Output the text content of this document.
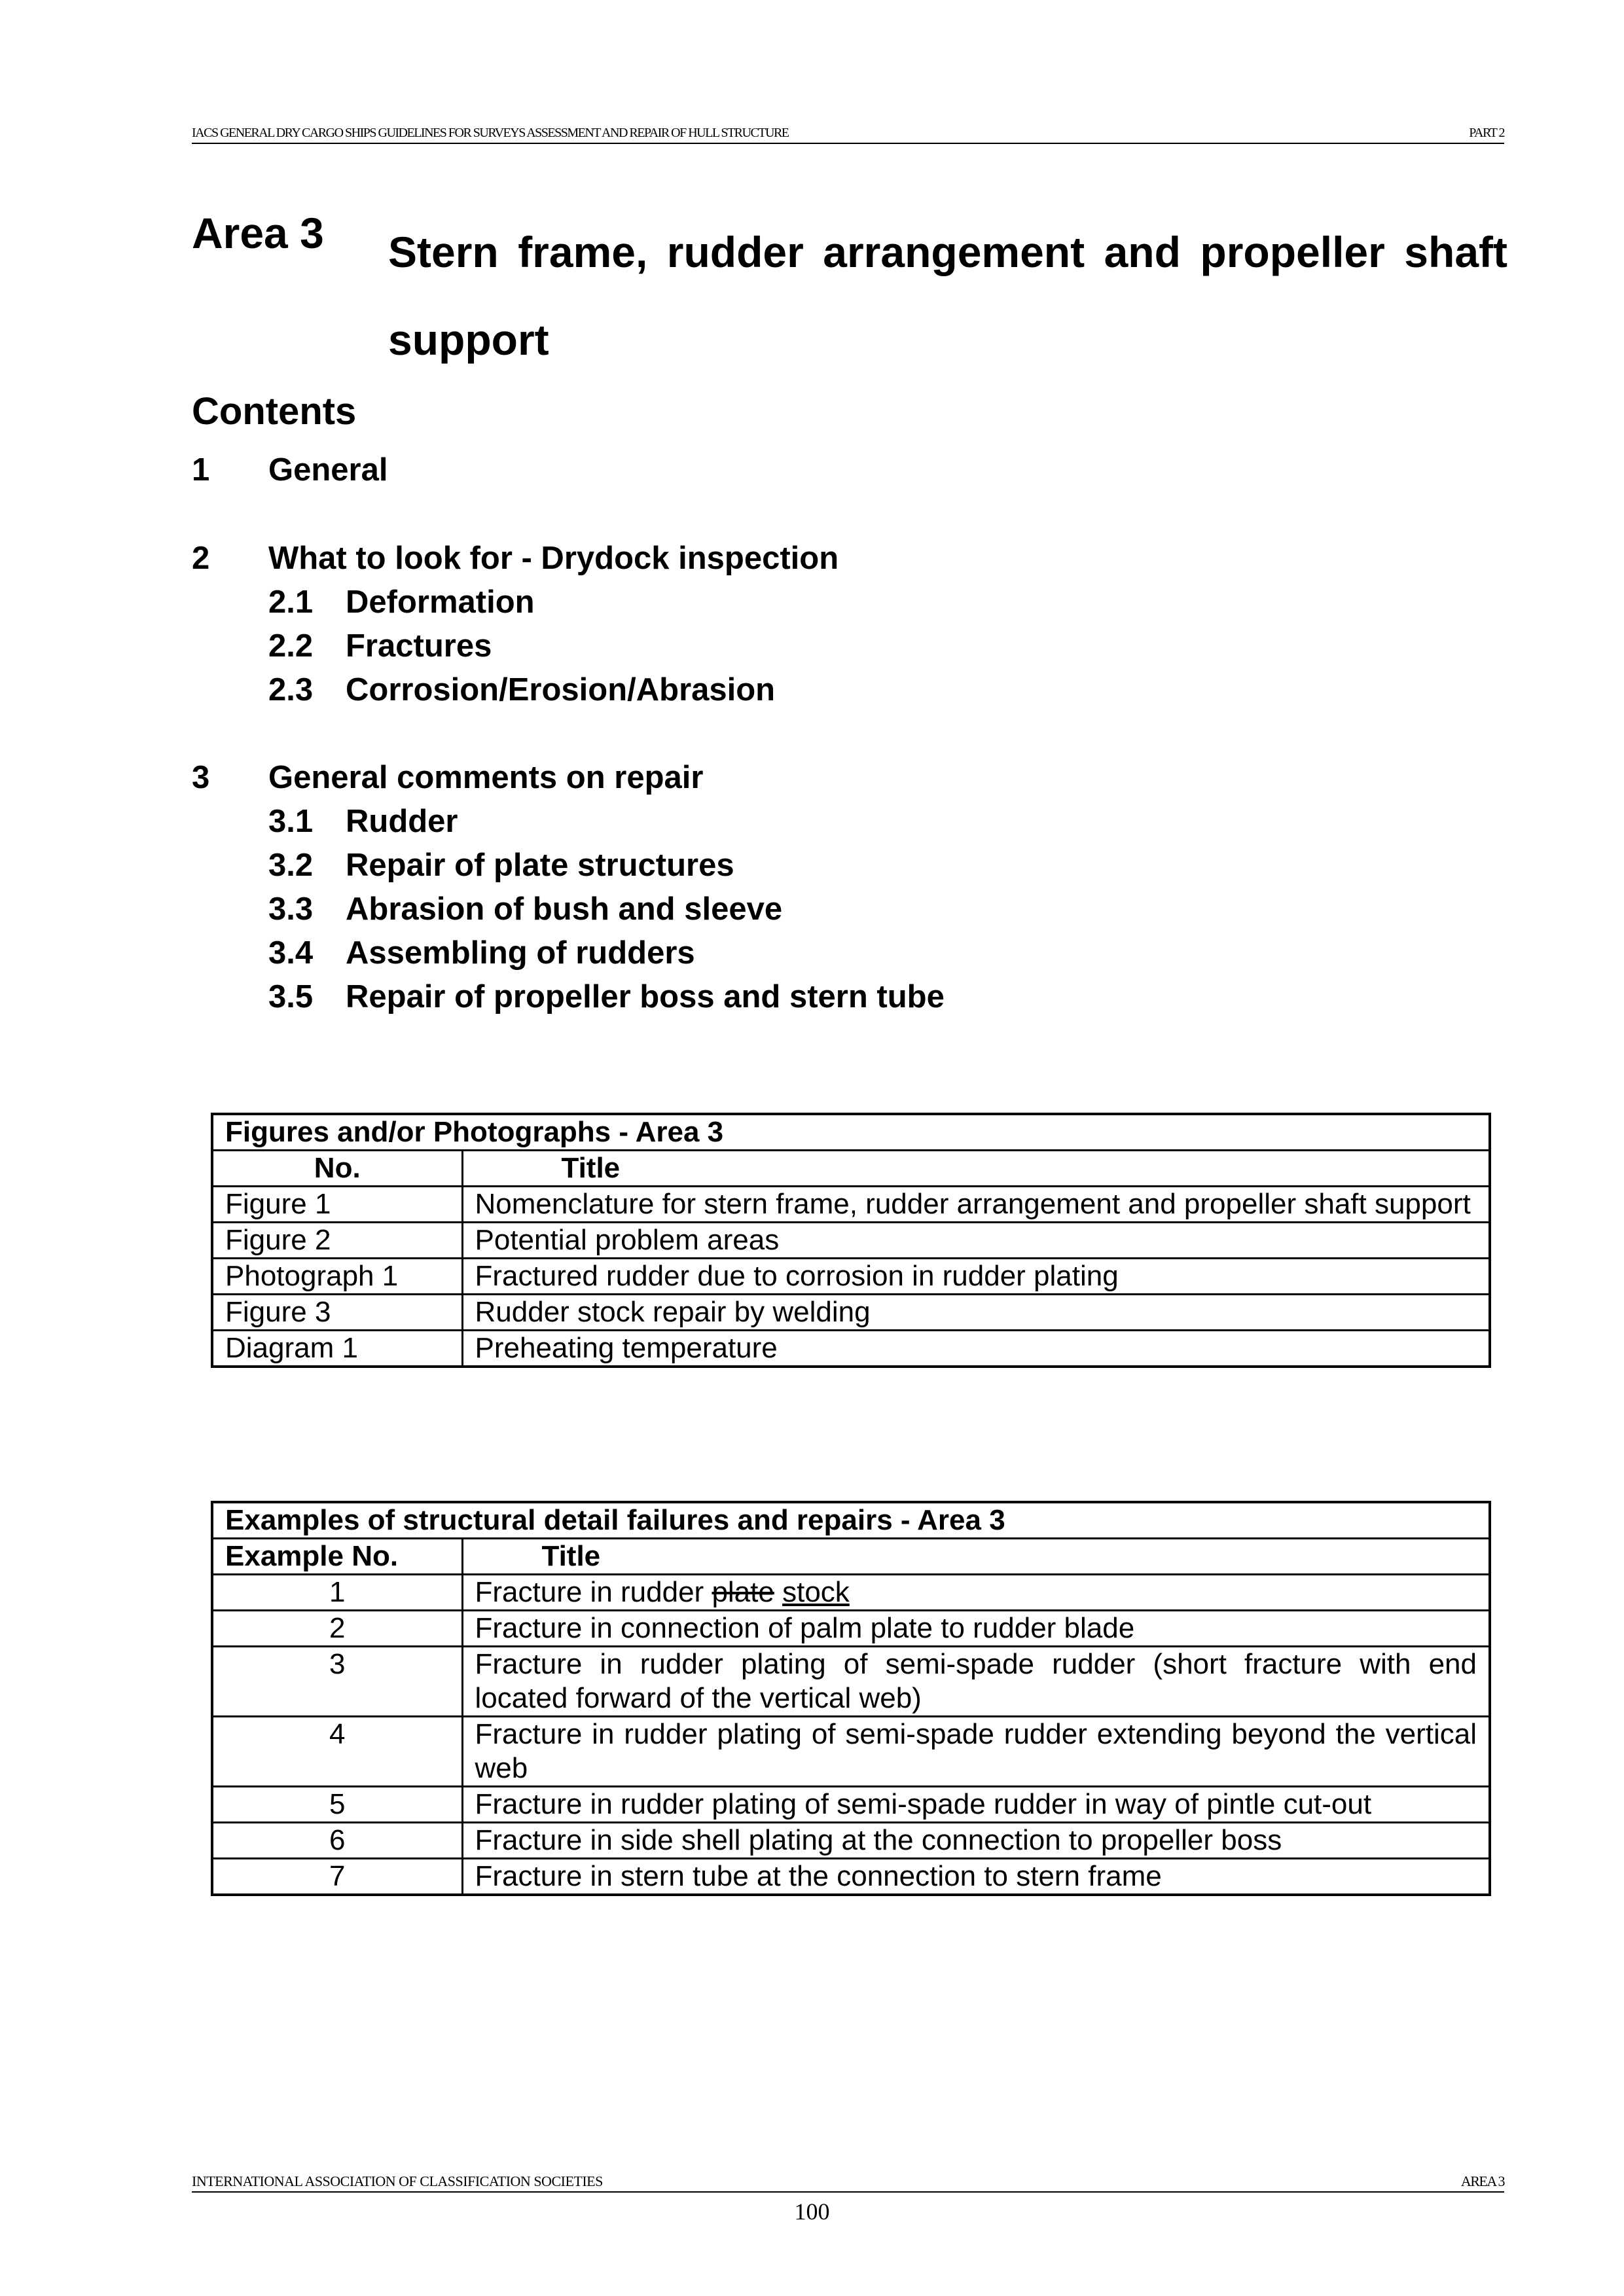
IACS GENERAL DRY CARGO SHIPS GUIDELINES FOR SURVEYS ASSESSMENT AND REPAIR OF HULL STRUCTURE	PART 2
Area 3 Stern frame, rudder arrangement and propeller shaft support
Contents
1 General
2 What to look for - Drydock inspection
2.1 Deformation
2.2 Fractures
2.3 Corrosion/Erosion/Abrasion
3 General comments on repair
3.1 Rudder
3.2 Repair of plate structures
3.3 Abrasion of bush and sleeve
3.4 Assembling of rudders
3.5 Repair of propeller boss and stern tube
Figures and/or Photographs - Area 3	
No.	Title
Figure 1	Nomenclature for stern frame, rudder arrangement and propeller shaft support
Figure 2	Potential problem areas
Photograph 1	Fractured rudder due to corrosion in rudder plating
Figure 3	Rudder stock repair by welding
Diagram 1	Preheating temperature
Examples of structural detail failures and repairs - Area 3	
Example No.	Title
1	Fracture in rudder plate stock
2	Fracture in connection of palm plate to rudder blade
3	Fracture in rudder plating of semi-spade rudder (short fracture with end located forward of the vertical web)
4	Fracture in rudder plating of semi-spade rudder extending beyond the vertical web
5	Fracture in rudder plating of semi-spade rudder in way of pintle cut-out
6	Fracture in side shell plating at the connection to propeller boss
7	Fracture in stern tube at the connection to stern frame
INTERNATIONAL ASSOCIATION OF CLASSIFICATION SOCIETIES	AREA 3
100
